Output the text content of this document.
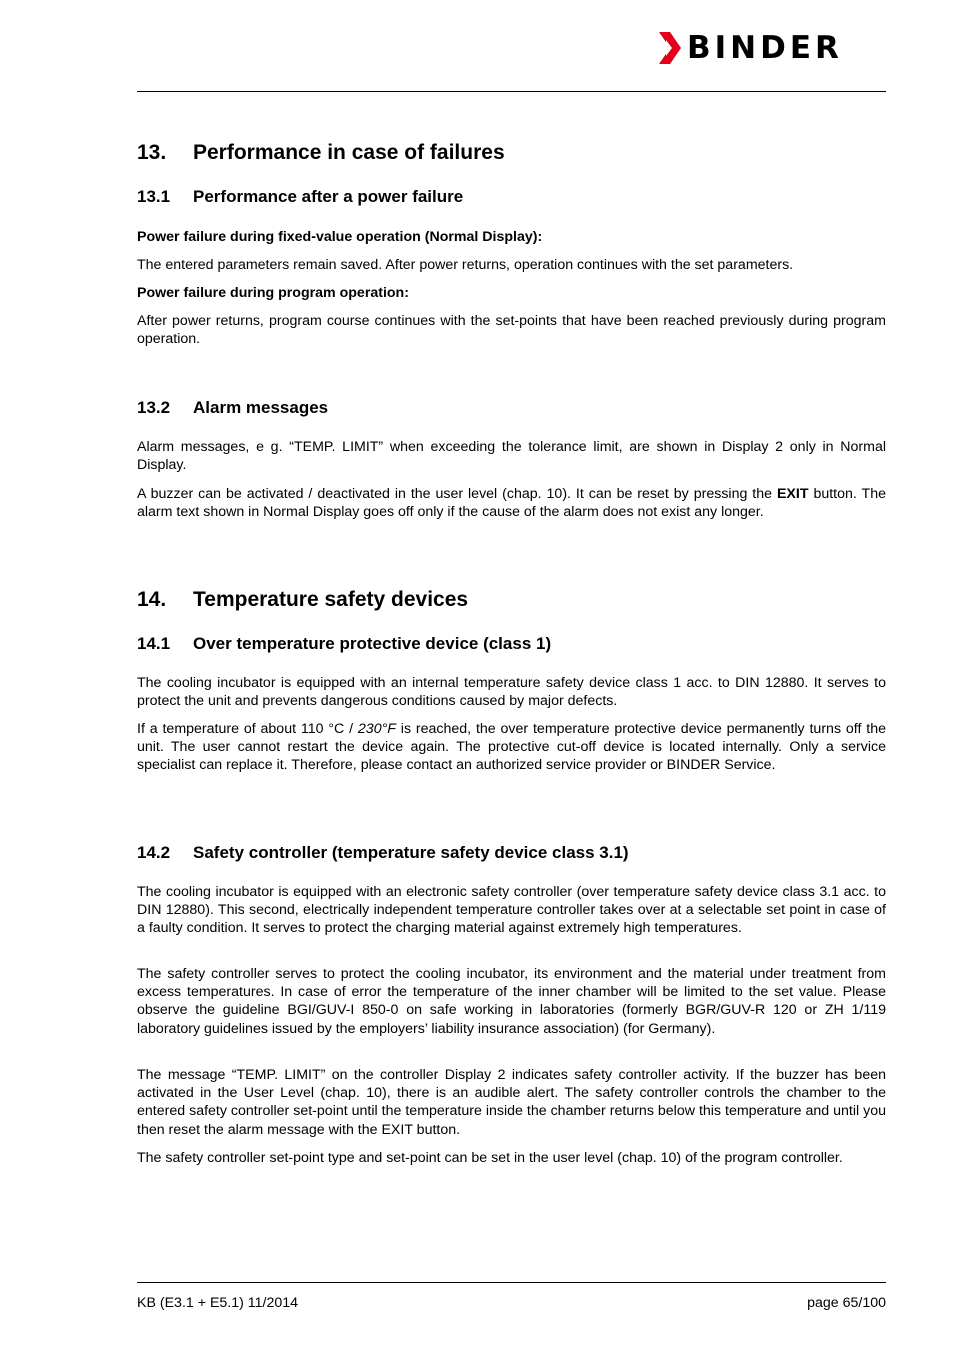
BINDER
13. Performance in case of failures
13.1 Performance after a power failure
Power failure during fixed-value operation (Normal Display):

The entered parameters remain saved. After power returns, operation continues with the set parameters.

Power failure during program operation:

After power returns, program course continues with the set-points that have been reached previously during program operation.

13.2 Alarm messages

Alarm messages, e g. “TEMP. LIMIT” when exceeding the tolerance limit, are shown in Display 2 only in Normal Display.

A buzzer can be activated / deactivated in the user level (chap. 10). It can be reset by pressing the EXIT button. The alarm text shown in Normal Display goes off only if the cause of the alarm does not exist any longer.

14. Temperature safety devices
14.1 Over temperature protective device (class 1)

The cooling incubator is equipped with an internal temperature safety device class 1 acc. to DIN 12880. It serves to protect the unit and prevents dangerous conditions caused by major defects.

If a temperature of about 110 °C / 230°F is reached, the over temperature protective device permanently turns off the unit. The user cannot restart the device again. The protective cut-off device is located internally. Only a service specialist can replace it. Therefore, please contact an authorized service provider or BINDER Service.

14.2 Safety controller (temperature safety device class 3.1)

The cooling incubator is equipped with an electronic safety controller (over temperature safety device class 3.1 acc. to DIN 12880). This second, electrically independent temperature controller takes over at a selectable set point in case of a faulty condition. It serves to protect the charging material against extremely high temperatures.

The safety controller serves to protect the cooling incubator, its environment and the material under treatment from excess temperatures. In case of error the temperature of the inner chamber will be limited to the set value. Please observe the guideline BGI/GUV-I 850-0 on safe working in laboratories (formerly BGR/GUV-R 120 or ZH 1/119 laboratory guidelines issued by the employers’ liability insurance association) (for Germany).

The message “TEMP. LIMIT” on the controller Display 2 indicates safety controller activity. If the buzzer has been activated in the User Level (chap. 10), there is an audible alert. The safety controller controls the chamber to the entered safety controller set-point until the temperature inside the chamber returns below this temperature and until you then reset the alarm message with the EXIT button.

The safety controller set-point type and set-point can be set in the user level (chap. 10) of the program controller.

KB (E3.1 + E5.1) 11/2014	page 65/100
